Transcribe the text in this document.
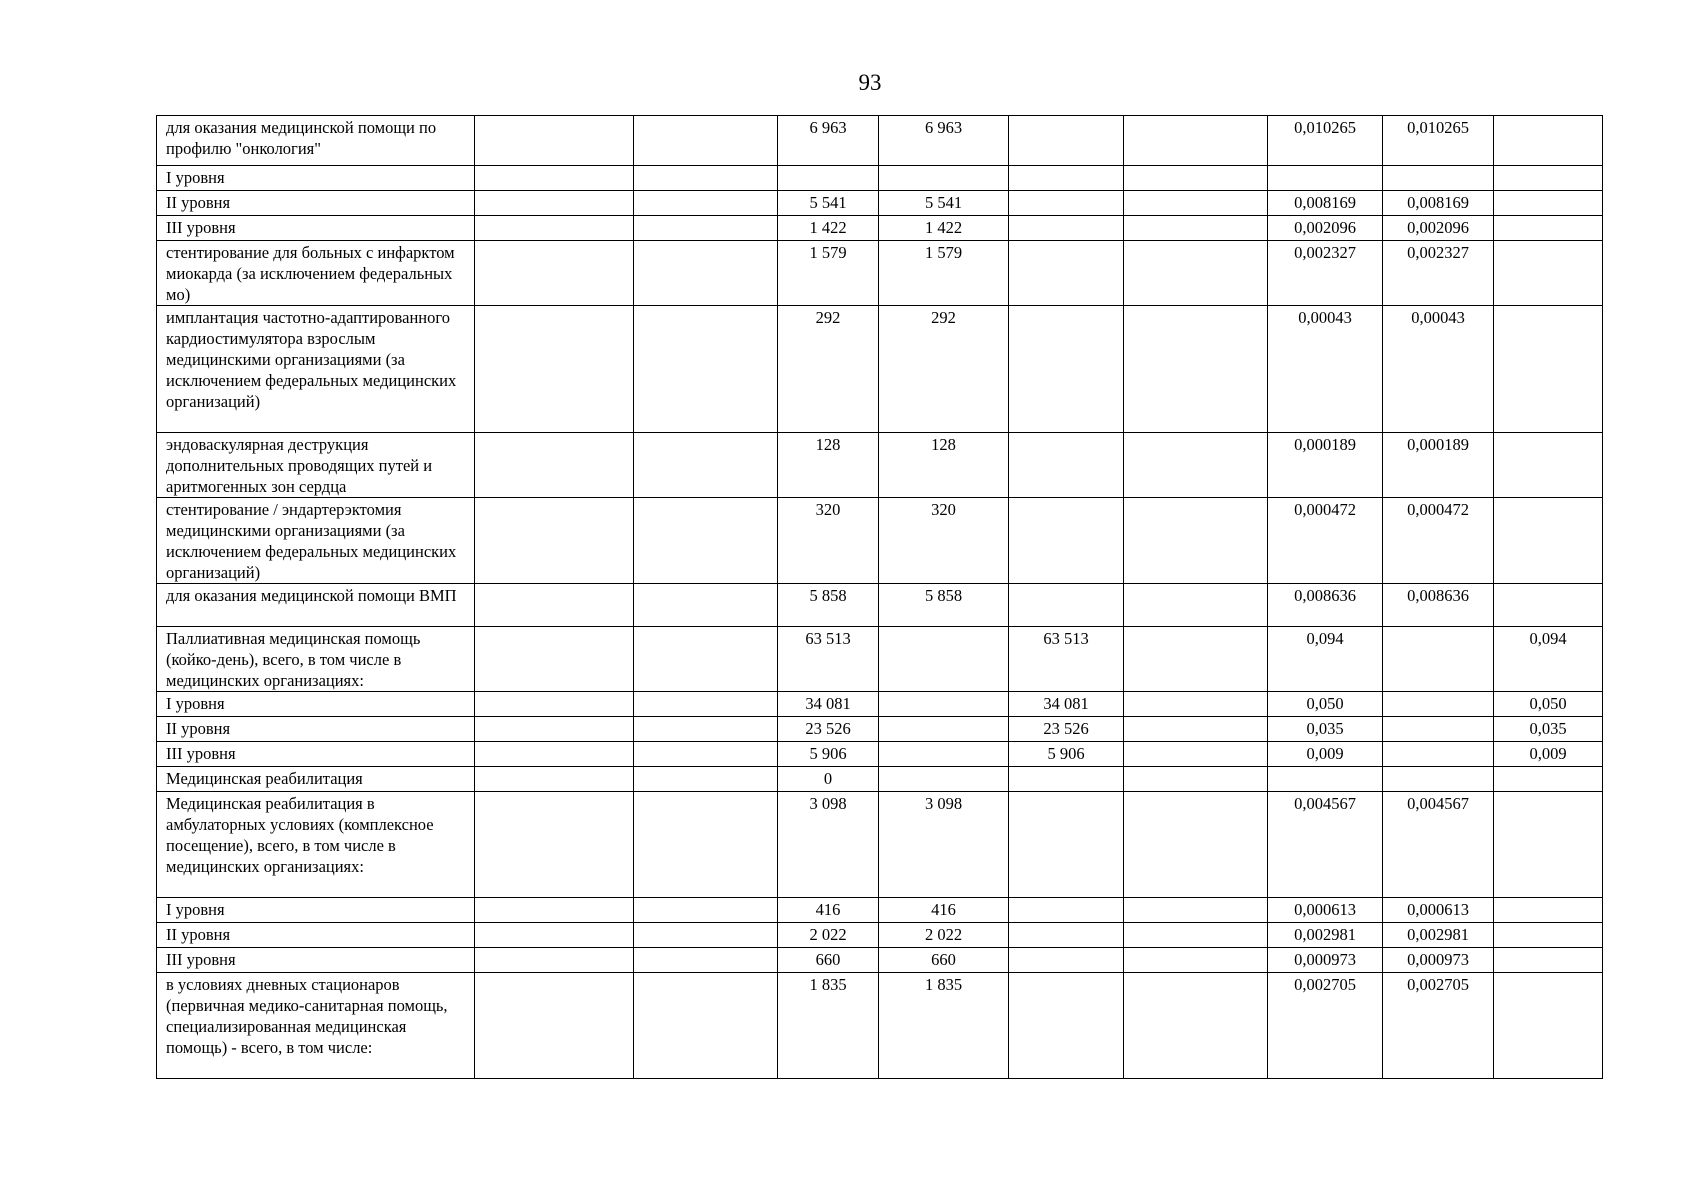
93
для оказания медицинской помощи по профилю "онкология"			6 963	6 963			0,010265	0,010265	
I уровня									
II уровня			5 541	5 541			0,008169	0,008169	
III уровня			1 422	1 422			0,002096	0,002096	
стентирование для больных с инфарктом миокарда (за исключением федеральных мо)			1 579	1 579			0,002327	0,002327	
имплантация частотно-адаптированного кардиостимулятора взрослым медицинскими организациями (за исключением федеральных медицинских организаций)			292	292			0,00043	0,00043	
эндоваскулярная деструкция дополнительных проводящих путей и аритмогенных зон сердца			128	128			0,000189	0,000189	
стентирование / эндартерэктомия медицинскими организациями (за исключением федеральных медицинских организаций)			320	320			0,000472	0,000472	
для оказания медицинской помощи ВМП			5 858	5 858			0,008636	0,008636	
Паллиативная медицинская помощь (койко-день), всего, в том числе в медицинских организациях:			63 513		63 513		0,094		0,094
I уровня			34 081		34 081		0,050		0,050
II уровня			23 526		23 526		0,035		0,035
III уровня			5 906		5 906		0,009		0,009
Медицинская реабилитация			0						
Медицинская реабилитация в амбулаторных условиях (комплексное посещение), всего, в том числе в медицинских организациях:			3 098	3 098			0,004567	0,004567	
I уровня			416	416			0,000613	0,000613	
II уровня			2 022	2 022			0,002981	0,002981	
III уровня			660	660			0,000973	0,000973	
в условиях дневных стационаров (первичная медико-санитарная помощь, специализированная медицинская помощь) - всего, в том числе:			1 835	1 835			0,002705	0,002705	
